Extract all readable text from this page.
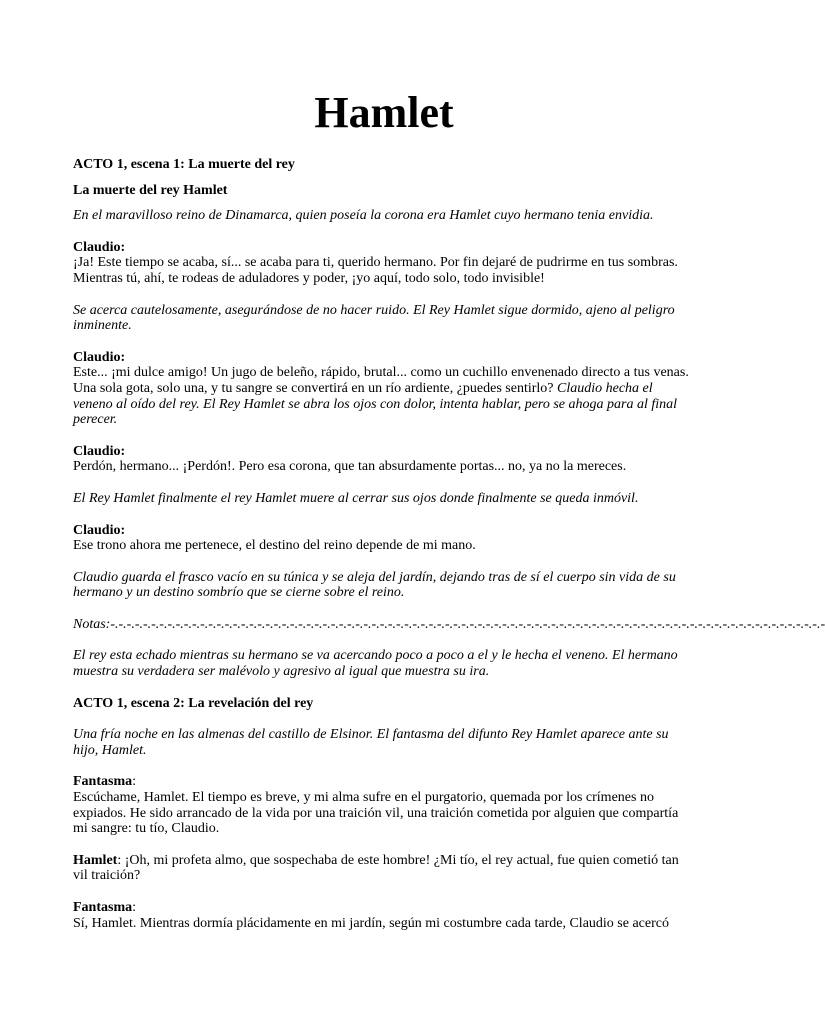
Hamlet

ACTO 1, escena 1: La muerte del rey

La muerte del rey Hamlet

En el maravilloso reino de Dinamarca, quien poseía la corona era Hamlet cuyo hermano tenia envidia.

Claudio:
¡Ja! Este tiempo se acaba, sí... se acaba para ti, querido hermano. Por fin dejaré de pudrirme en tus sombras. Mientras tú, ahí, te rodeas de aduladores y poder, ¡yo aquí, todo solo, todo invisible!

Se acerca cautelosamente, asegurándose de no hacer ruido. El Rey Hamlet sigue dormido, ajeno al peligro inminente.

Claudio:
Este... ¡mi dulce amigo! Un jugo de beleño, rápido, brutal... como un cuchillo envenenado directo a tus venas. Una sola gota, solo una, y tu sangre se convertirá en un río ardiente, ¿puedes sentirlo? Claudio hecha el veneno al oído del rey. El Rey Hamlet se abra los ojos con dolor, intenta hablar, pero se ahoga para al final perecer.
Claudio:
Perdón, hermano... ¡Perdón!. Pero esa corona, que tan absurdamente portas... no, ya no la mereces.

El Rey Hamlet finalmente el rey Hamlet muere al cerrar sus ojos donde finalmente se queda inmóvil.

Claudio:
Ese trono ahora me pertenece, el destino del reino depende de mi mano.

Claudio guarda el frasco vacío en su túnica y se aleja del jardín, dejando tras de sí el cuerpo sin vida de su hermano y un destino sombrío que se cierne sobre el reino.

Notas:-.-.-.-.-.-.-.-.-.-.-.-.-.-.-.-.-.-.-.-.-.-.-.-.-.-.-.-.-.-.-.-.-.-.-.-.-.-.-.-.-.-.-.-.-.-.-.-.-.-.-.-.-.-.-.-.-.-.-.-.-.-.-.-.-.-.-.-.-.-.-.-.-.-.-.-.-.-.-.-.-.-.-.-.-.-.-.-

El rey esta echado mientras su hermano se va acercando poco a poco a el y le hecha el veneno. El hermano muestra su verdadera ser malévolo y agresivo al igual que muestra su ira.

ACTO 1, escena 2: La revelación del rey

Una fría noche en las almenas del castillo de Elsinor. El fantasma del difunto Rey Hamlet aparece ante su hijo, Hamlet.

Fantasma:
Escúchame, Hamlet. El tiempo es breve, y mi alma sufre en el purgatorio, quemada por los crímenes no expiados. He sido arrancado de la vida por una traición vil, una traición cometida por alguien que compartía mi sangre: tu tío, Claudio.
Hamlet: ¡Oh, mi profeta almo, que sospechaba de este hombre! ¿Mi tío, el rey actual, fue quien cometió tan vil traición?
Fantasma:
Sí, Hamlet. Mientras dormía plácidamente en mi jardín, según mi costumbre cada tarde, Claudio se acercó
